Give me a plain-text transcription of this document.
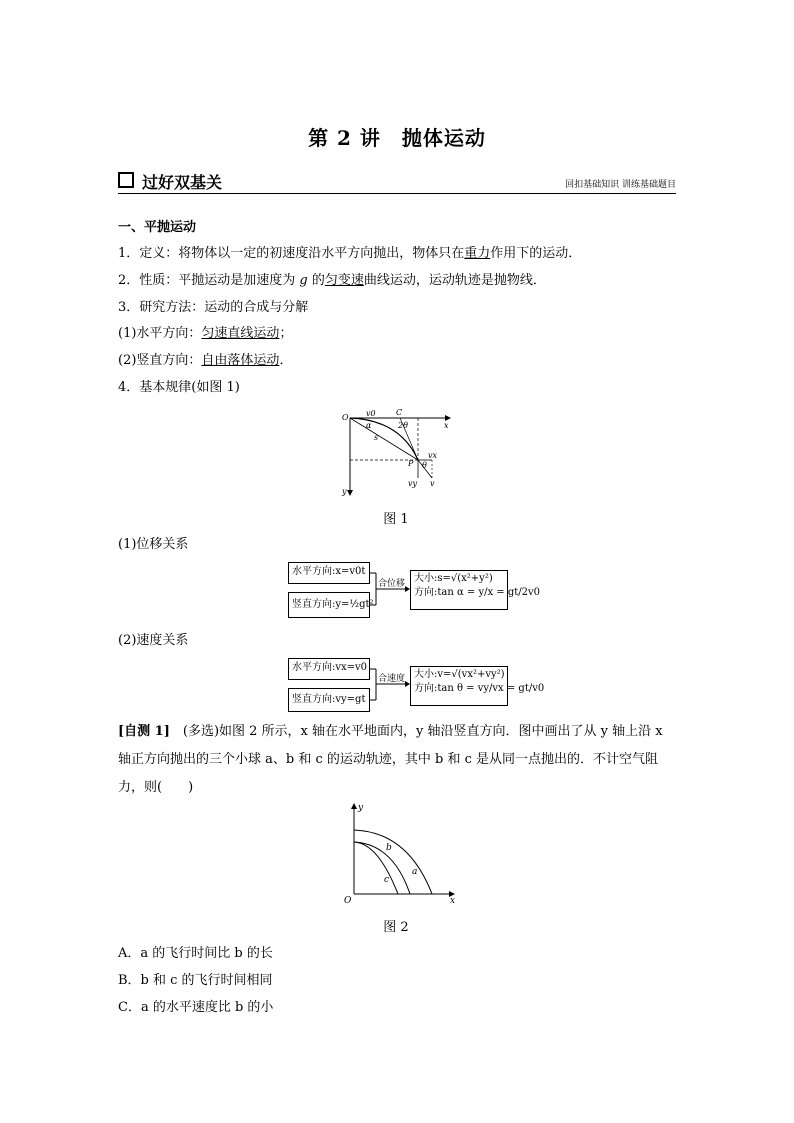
第 2 讲　抛体运动
过好双基关	回扣基础知识 训练基础题目
一、平抛运动
1．定义：将物体以一定的初速度沿水平方向抛出，物体只在重力作用下的运动．
2．性质：平抛运动是加速度为 g 的匀变速曲线运动，运动轨迹是抛物线．
3．研究方法：运动的合成与分解
(1)水平方向：匀速直线运动；
(2)竖直方向：自由落体运动．
4．基本规律(如图 1)
O v0	C
2θ
α
s
x
y
P
vx
θ
vy v
图 1
(1)位移关系
水平方向:x=v0t
竖直方向:y=½gt²
合位移 大小:s=√(x²+y²)
方向:tan α = y/x = gt/2v0
(2)速度关系
水平方向:vx=v0
竖直方向:vy=gt
合速度 大小:v=√(vx²+vy²)
方向:tan θ = vy/vx = gt/v0
[自测 1]　(多选)如图 2 所示，x 轴在水平地面内，y 轴沿竖直方向．图中画出了从 y 轴上沿 x
轴正方向抛出的三个小球 a、b 和 c 的运动轨迹，其中 b 和 c 是从同一点抛出的．不计空气阻
力，则(　　)
y
x
O
b
a
c
图 2
A．a 的飞行时间比 b 的长
B．b 和 c 的飞行时间相同
C．a 的水平速度比 b 的小
